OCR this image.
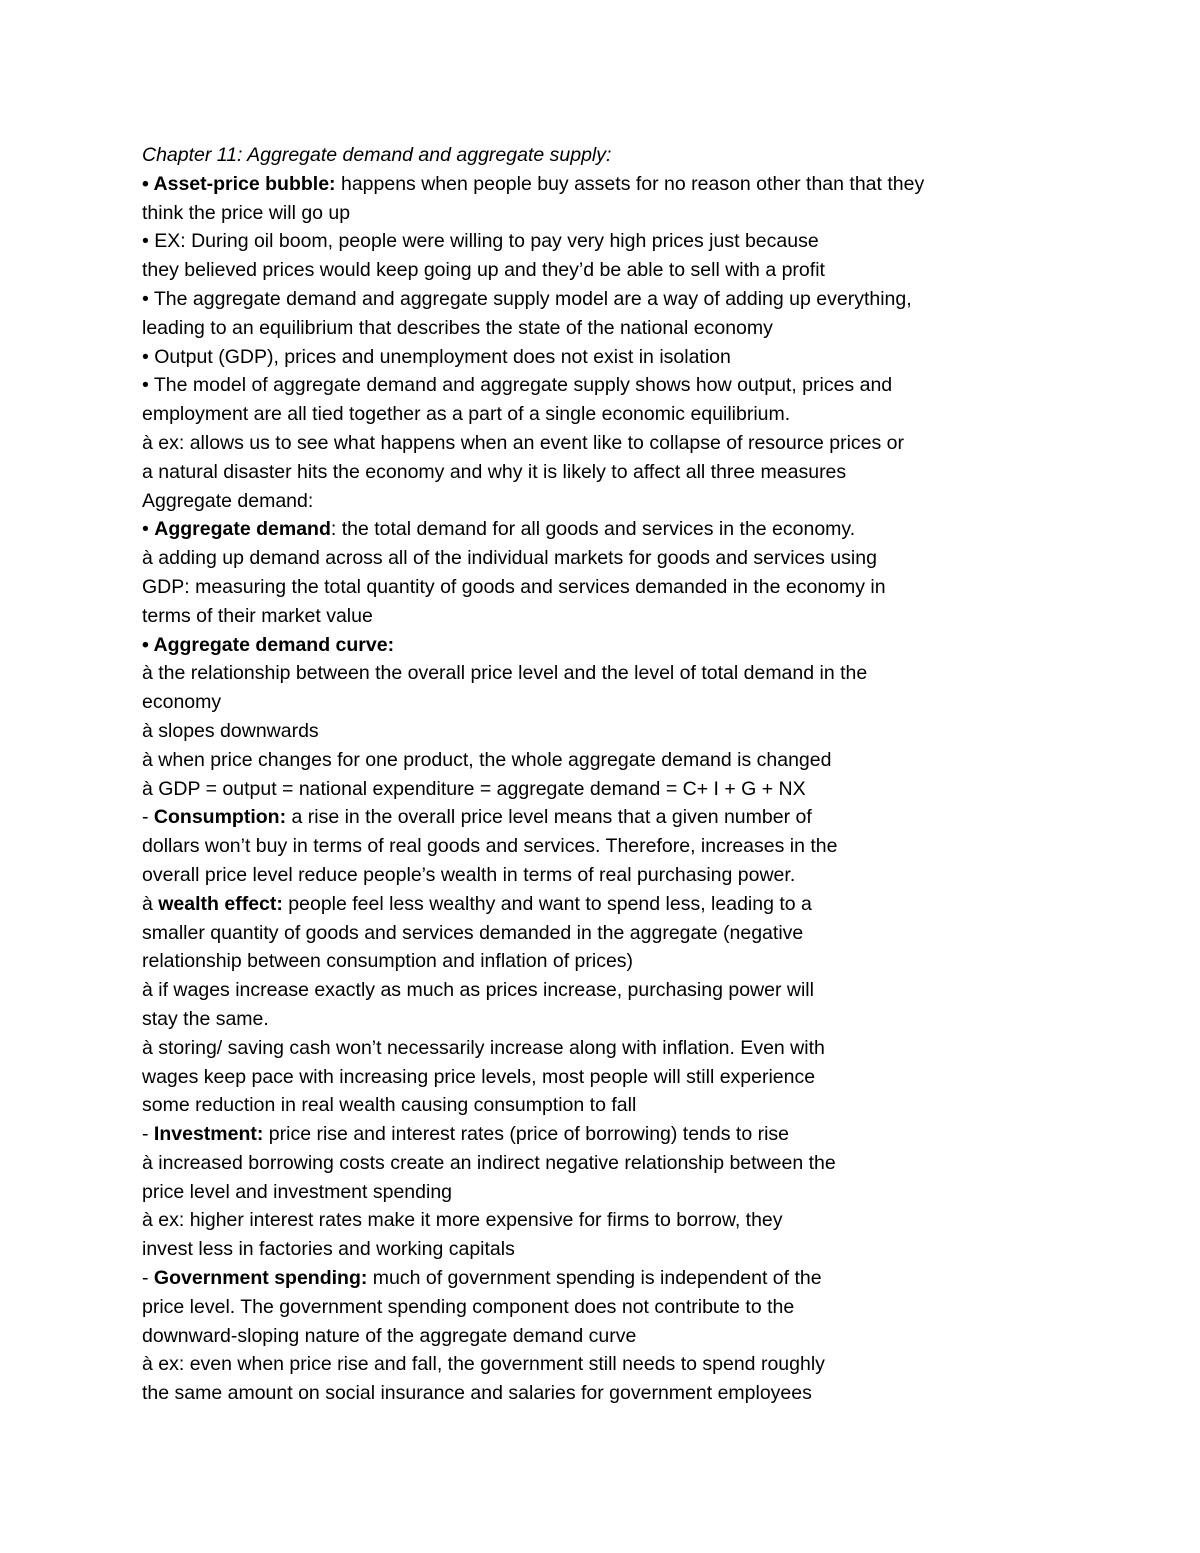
Chapter 11: Aggregate demand and aggregate supply:
• Asset-price bubble: happens when people buy assets for no reason other than that they
think the price will go up
• EX: During oil boom, people were willing to pay very high prices just because
they believed prices would keep going up and they’d be able to sell with a profit
• The aggregate demand and aggregate supply model are a way of adding up everything,
leading to an equilibrium that describes the state of the national economy
• Output (GDP), prices and unemployment does not exist in isolation
• The model of aggregate demand and aggregate supply shows how output, prices and
employment are all tied together as a part of a single economic equilibrium.
à ex: allows us to see what happens when an event like to collapse of resource prices or
a natural disaster hits the economy and why it is likely to affect all three measures
Aggregate demand:
• Aggregate demand: the total demand for all goods and services in the economy.
à adding up demand across all of the individual markets for goods and services using
GDP: measuring the total quantity of goods and services demanded in the economy in
terms of their market value
• Aggregate demand curve:
à the relationship between the overall price level and the level of total demand in the
economy
à slopes downwards
à when price changes for one product, the whole aggregate demand is changed
à GDP = output = national expenditure = aggregate demand = C+ I + G + NX
- Consumption: a rise in the overall price level means that a given number of
dollars won’t buy in terms of real goods and services. Therefore, increases in the
overall price level reduce people’s wealth in terms of real purchasing power.
à wealth effect: people feel less wealthy and want to spend less, leading to a
smaller quantity of goods and services demanded in the aggregate (negative
relationship between consumption and inflation of prices)
à if wages increase exactly as much as prices increase, purchasing power will
stay the same.
à storing/ saving cash won’t necessarily increase along with inflation. Even with
wages keep pace with increasing price levels, most people will still experience
some reduction in real wealth causing consumption to fall
- Investment: price rise and interest rates (price of borrowing) tends to rise
à increased borrowing costs create an indirect negative relationship between the
price level and investment spending
à ex: higher interest rates make it more expensive for firms to borrow, they
invest less in factories and working capitals
- Government spending: much of government spending is independent of the
price level. The government spending component does not contribute to the
downward-sloping nature of the aggregate demand curve
à ex: even when price rise and fall, the government still needs to spend roughly
the same amount on social insurance and salaries for government employees
